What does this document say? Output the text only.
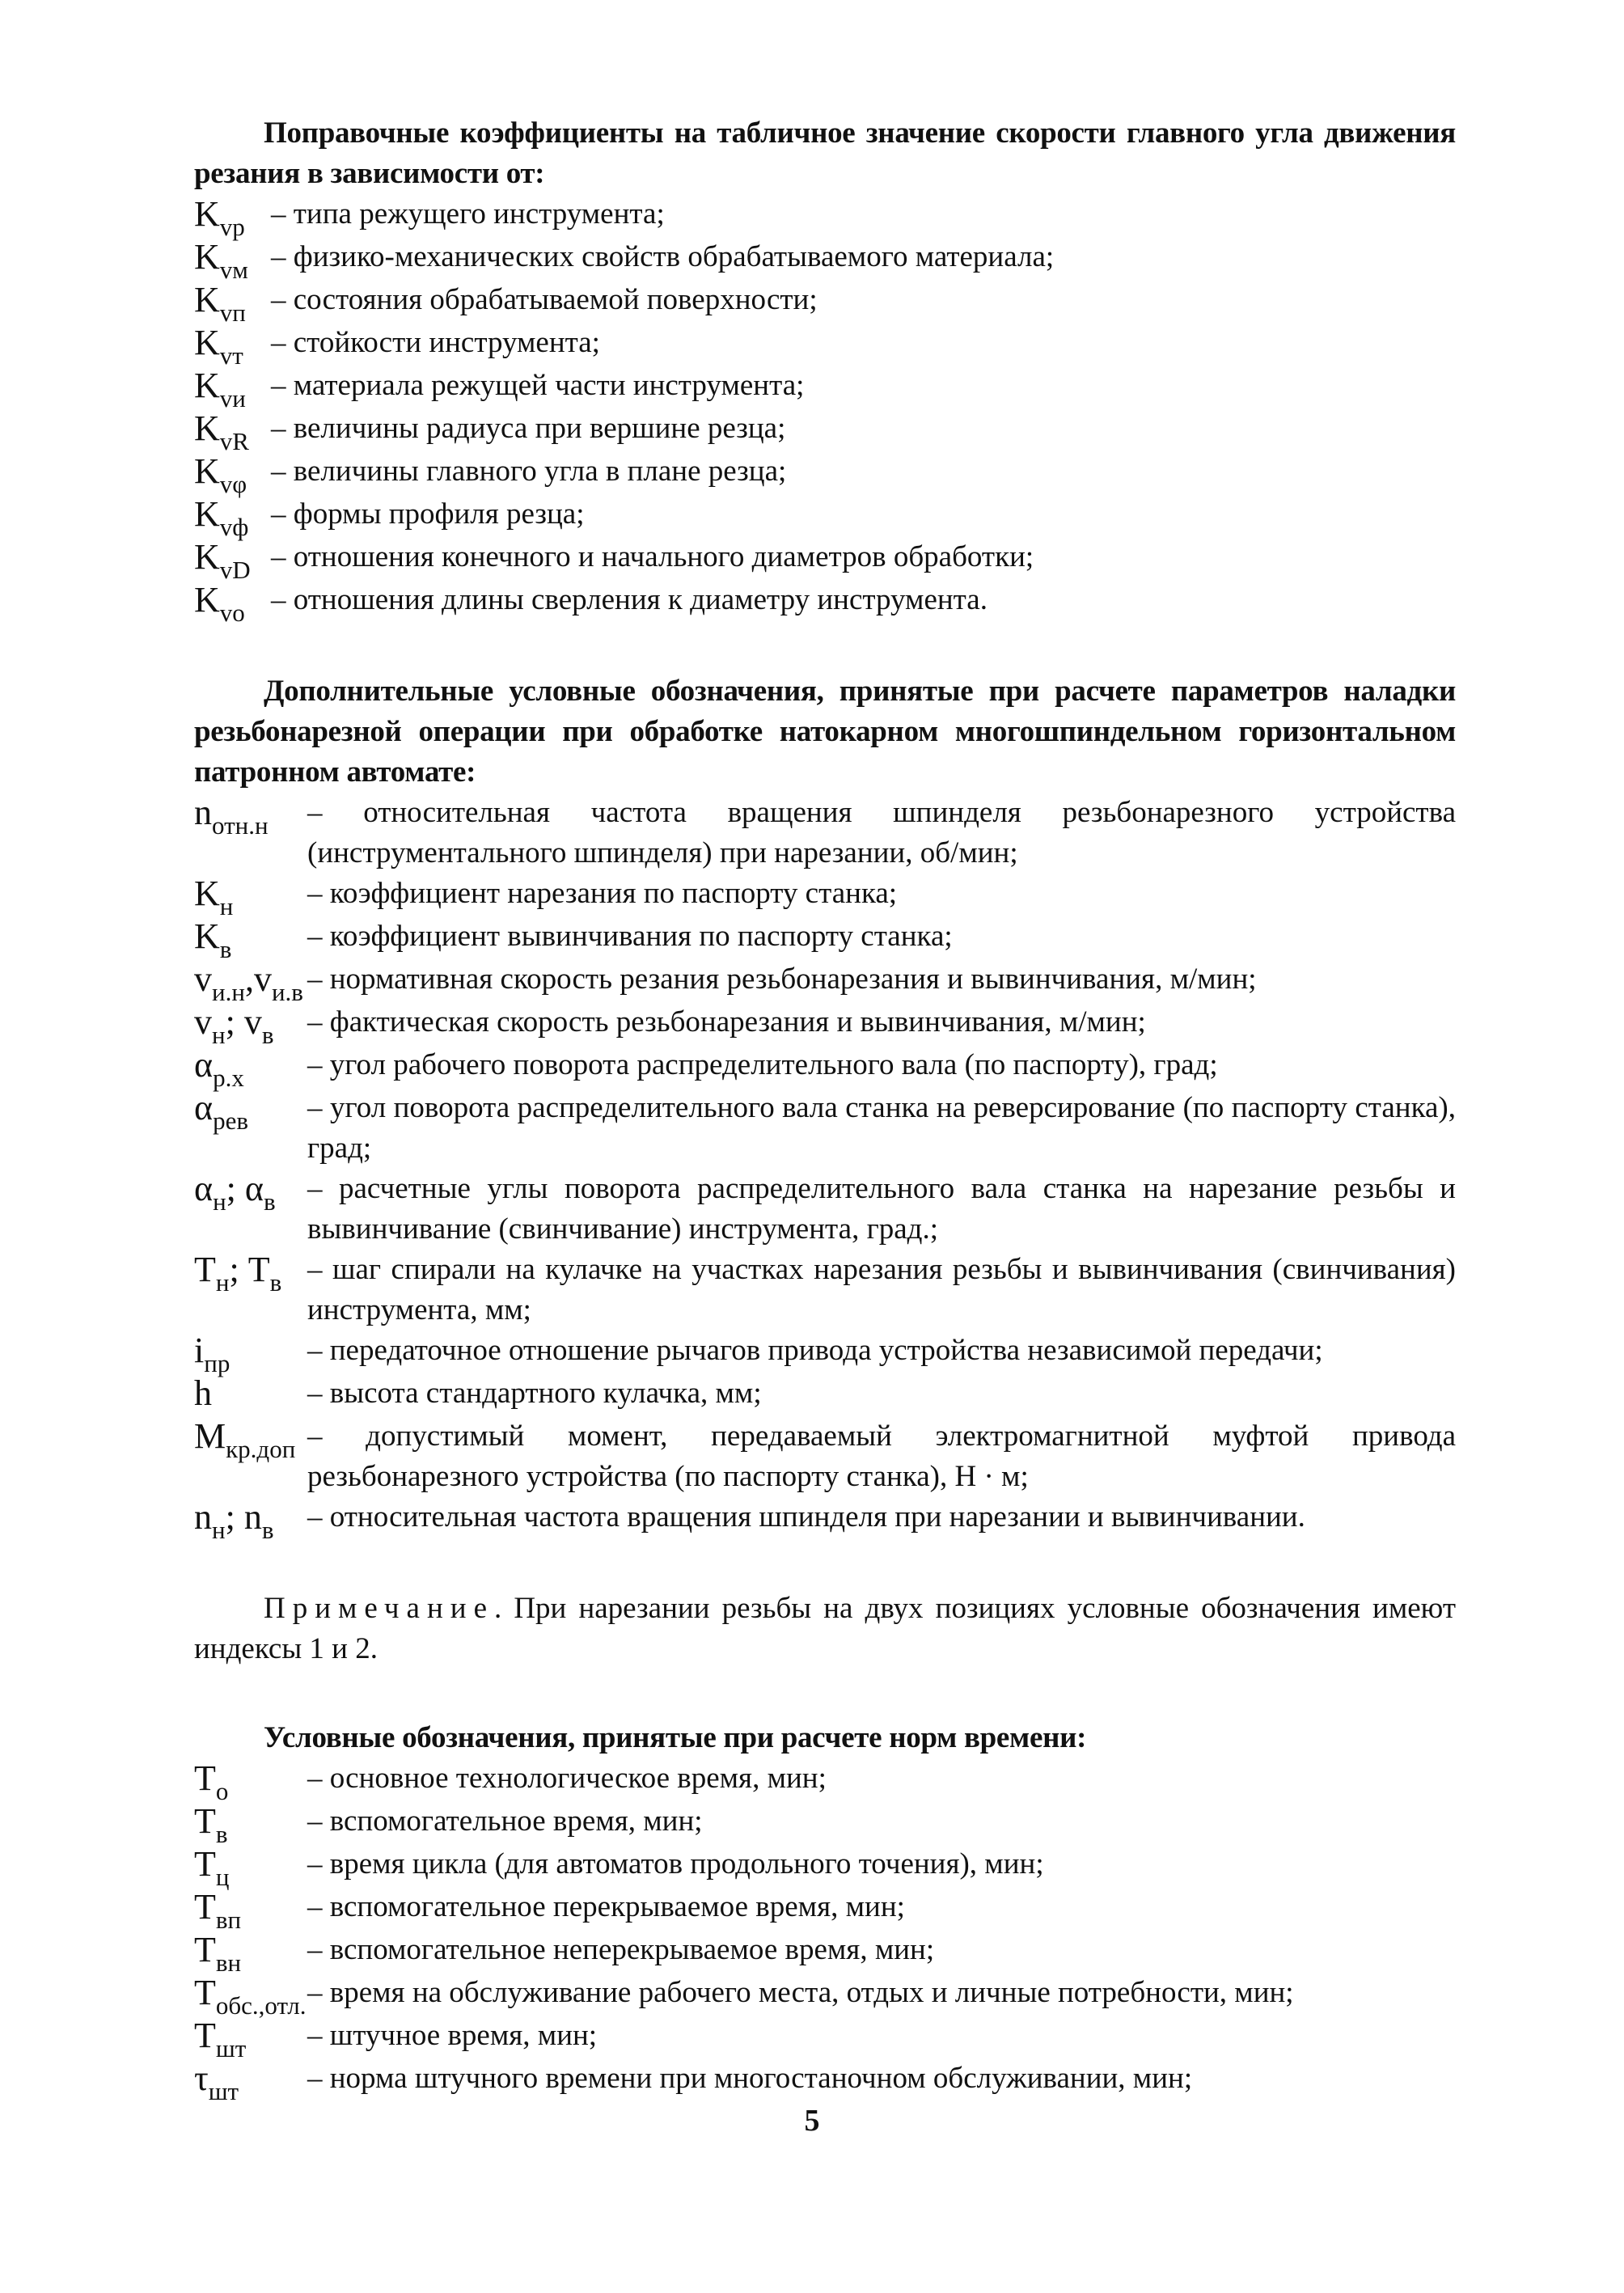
Поправочные коэффициенты на табличное значение скорости главного угла движения резания в зависимости от:
$K_{vp}$ – типа режущего инструмента;
$K_{vм}$ – физико-механических свойств обрабатываемого материала;
$K_{vп}$ – состояния обрабатываемой поверхности;
$K_{vт}$ – стойкости инструмента;
$K_{vи}$ – материала режущей части инструмента;
$K_{vR}$ – величины радиуса при вершине резца;
$K_{v\varphi}$ – величины главного угла в плане резца;
$K_{vф}$ – формы профиля резца;
$K_{vD}$ – отношения конечного и начального диаметров обработки;
$K_{vo}$ – отношения длины сверления к диаметру инструмента.
Дополнительные условные обозначения, принятые при расчете параметров наладки резьбонарезной операции при обработке натокарном многошпиндельном горизонтальном патронном автомате:
$n_{отн.н}$	– относительная частота вращения шпинделя резьбонарезного устройства (инструментального шпинделя) при нарезании, об/мин;
$K_н$	– коэффициент нарезания по паспорту станка;
$K_в$	– коэффициент вывинчивания по паспорту станка;
$v_{и.н},v_{и.в}$ – нормативная скорость резания резьбонарезания и вывинчивания, м/мин;
$v_н$; $v_в$	– фактическая скорость резьбонарезания и вывинчивания, м/мин;
$\alpha_{р.х}$	– угол рабочего поворота распределительного вала (по паспорту), град;
$\alpha_{рев}$	– угол поворота распределительного вала станка на реверсирование (по паспорту станка), град;
$\alpha_н$; $\alpha_в$	– расчетные углы поворота распределительного вала станка на нарезание резьбы и вывинчивание (свинчивание) инструмента, град.;
$T_н$; $T_в$ – шаг спирали на кулачке на участках нарезания резьбы и вывинчивания (свинчивания) инструмента, мм;
$i_{пр}$	– передаточное отношение рычагов привода устройства независимой передачи;
h	– высота стандартного кулачка, мм;
$M_{кр.доп}$ – допустимый момент, передаваемый электромагнитной муфтой привода резьбонарезного устройства (по паспорту станка), Н · м;
$n_н$; $n_в$	– относительная частота вращения шпинделя при нарезании и вывинчивании.
Примечание. При нарезании резьбы на двух позициях условные обозначения имеют индексы 1 и 2.
Условные обозначения, принятые при расчете норм времени:
$T_о$	– основное технологическое время, мин;
$T_в$	– вспомогательное время, мин;
$T_ц$	– время цикла (для автоматов продольного точения), мин;
$T_{вп}$	– вспомогательное перекрываемое время, мин;
$T_{вн}$	– вспомогательное неперекрываемое время, мин;
$T_{обс.,отл.}$ – время на обслуживание рабочего места, отдых и личные потребности, мин;
$T_{шт}$	– штучное время, мин;
$\tau_{шт}$	– норма штучного времени при многостаночном обслуживании, мин;
5
